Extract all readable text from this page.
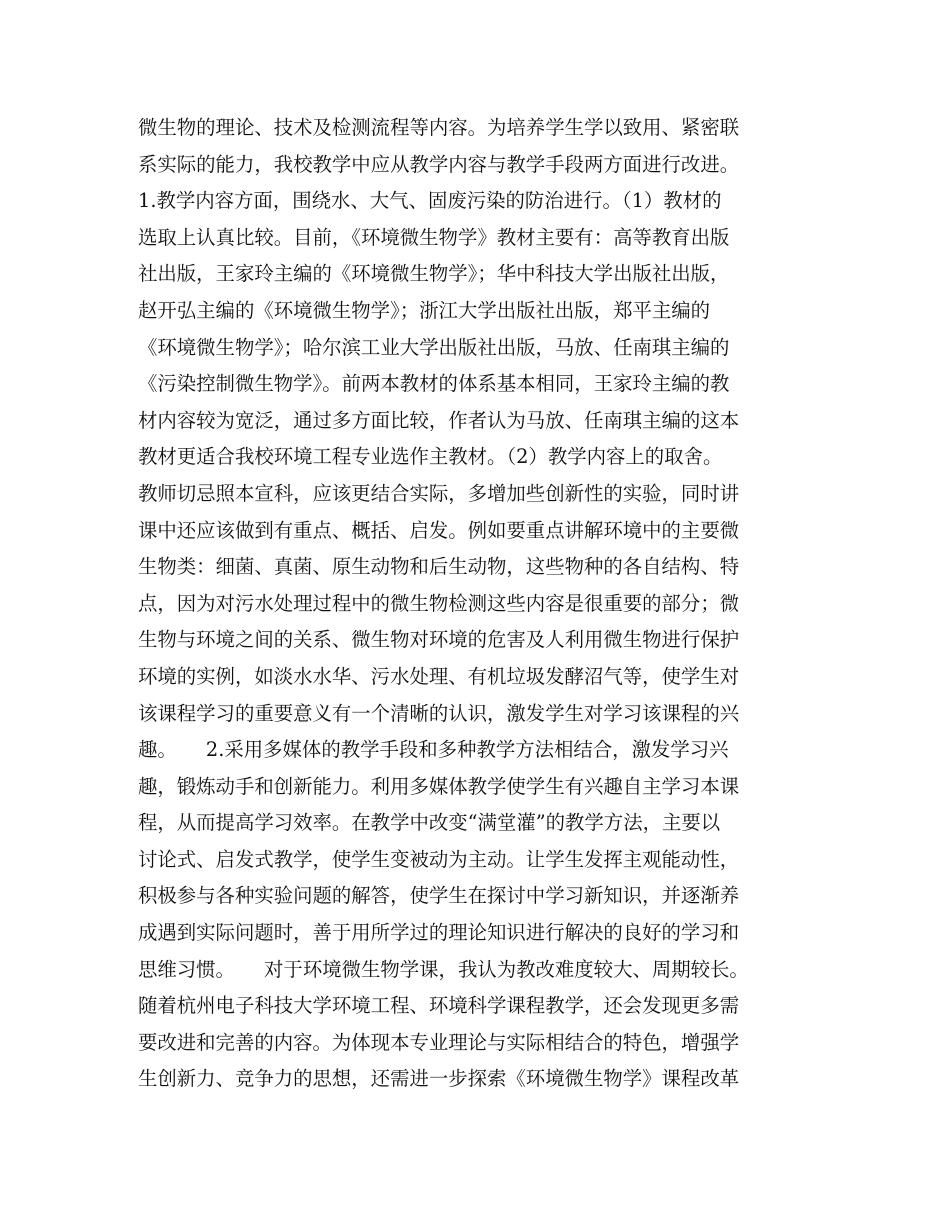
微生物的理论、技术及检测流程等内容。为培养学生学以致用、紧密联
系实际的能力，我校教学中应从教学内容与教学手段两方面进行改进。
1.教学内容方面，围绕水、大气、固废污染的防治进行。（1）教材的
选取上认真比较。目前，《环境微生物学》教材主要有：高等教育出版
社出版，王家玲主编的《环境微生物学》；华中科技大学出版社出版，
赵开弘主编的《环境微生物学》；浙江大学出版社出版，郑平主编的
《环境微生物学》；哈尔滨工业大学出版社出版，马放、任南琪主编的
《污染控制微生物学》。前两本教材的体系基本相同，王家玲主编的教
材内容较为宽泛，通过多方面比较，作者认为马放、任南琪主编的这本
教材更适合我校环境工程专业选作主教材。（2）教学内容上的取舍。
教师切忌照本宣科，应该更结合实际，多增加些创新性的实验，同时讲
课中还应该做到有重点、概括、启发。例如要重点讲解环境中的主要微
生物类：细菌、真菌、原生动物和后生动物，这些物种的各自结构、特
点，因为对污水处理过程中的微生物检测这些内容是很重要的部分；微
生物与环境之间的关系、微生物对环境的危害及人利用微生物进行保护
环境的实例，如淡水水华、污水处理、有机垃圾发酵沼气等，使学生对
该课程学习的重要意义有一个清晰的认识，激发学生对学习该课程的兴
趣。　　2.采用多媒体的教学手段和多种教学方法相结合，激发学习兴
趣，锻炼动手和创新能力。利用多媒体教学使学生有兴趣自主学习本课
程，从而提高学习效率。在教学中改变“满堂灌”的教学方法，主要以
讨论式、启发式教学，使学生变被动为主动。让学生发挥主观能动性，
积极参与各种实验问题的解答，使学生在探讨中学习新知识，并逐渐养
成遇到实际问题时，善于用所学过的理论知识进行解决的良好的学习和
思维习惯。　　对于环境微生物学课，我认为教改难度较大、周期较长。
随着杭州电子科技大学环境工程、环境科学课程教学，还会发现更多需
要改进和完善的内容。为体现本专业理论与实际相结合的特色，增强学
生创新力、竞争力的思想，还需进一步探索《环境微生物学》课程改革
